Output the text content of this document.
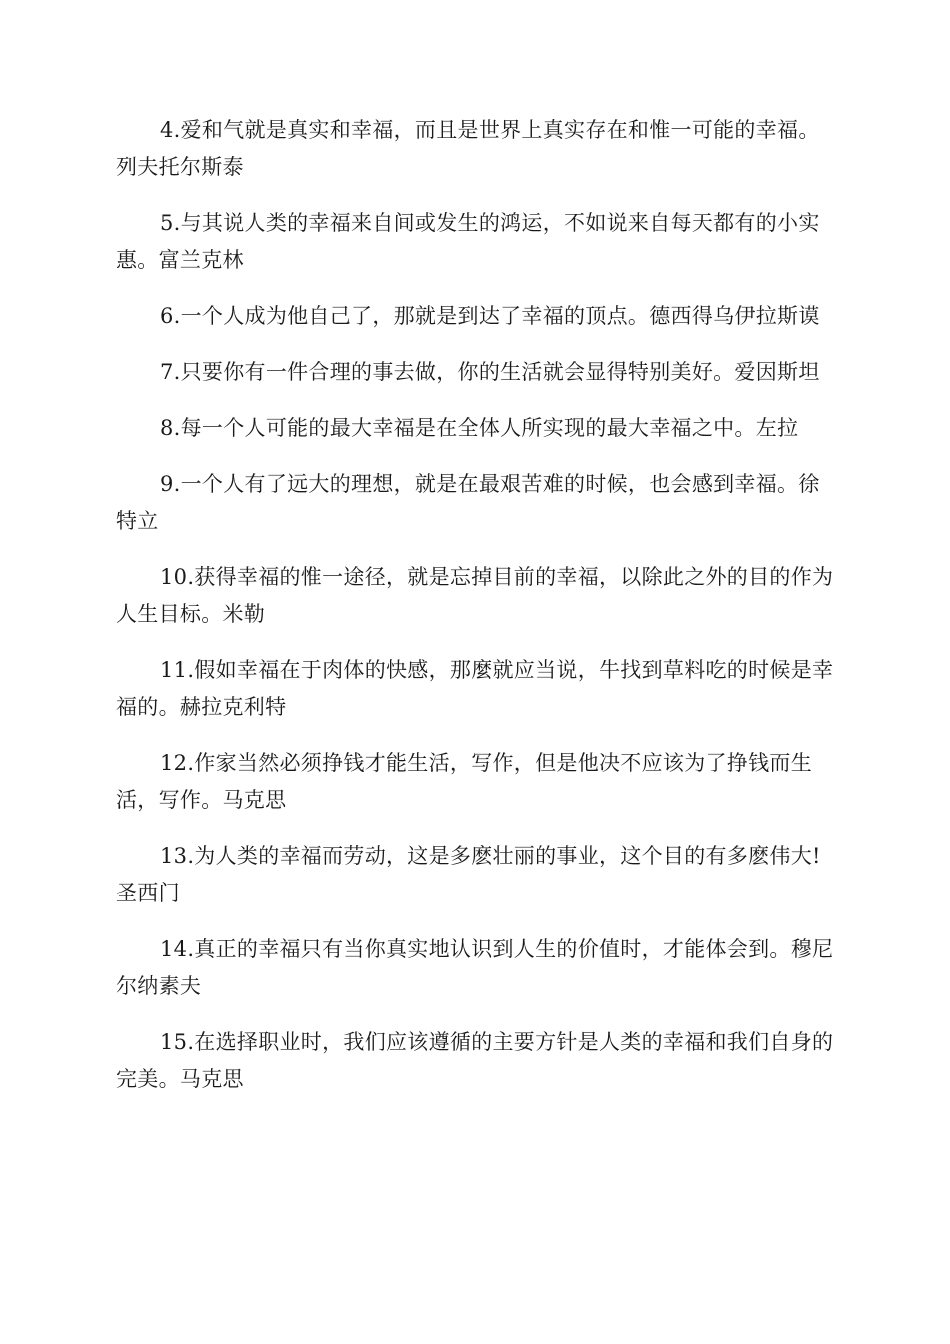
4.爱和气就是真实和幸福，而且是世界上真实存在和惟一可能的幸福。列夫托尔斯泰

5.与其说人类的幸福来自间或发生的鸿运，不如说来自每天都有的小实惠。富兰克林

6.一个人成为他自己了，那就是到达了幸福的顶点。德西得乌伊拉斯谟

7.只要你有一件合理的事去做，你的生活就会显得特别美好。爱因斯坦

8.每一个人可能的最大幸福是在全体人所实现的最大幸福之中。左拉

9.一个人有了远大的理想，就是在最艰苦难的时候，也会感到幸福。徐特立

10.获得幸福的惟一途径，就是忘掉目前的幸福，以除此之外的目的作为人生目标。米勒

11.假如幸福在于肉体的快感，那麼就应当说，牛找到草料吃的时候是幸福的。赫拉克利特

12.作家当然必须挣钱才能生活，写作，但是他决不应该为了挣钱而生活，写作。马克思

13.为人类的幸福而劳动，这是多麽壮丽的事业，这个目的有多麽伟大!圣西门

14.真正的幸福只有当你真实地认识到人生的价值时，才能体会到。穆尼尔纳素夫

15.在选择职业时，我们应该遵循的主要方针是人类的幸福和我们自身的完美。马克思
